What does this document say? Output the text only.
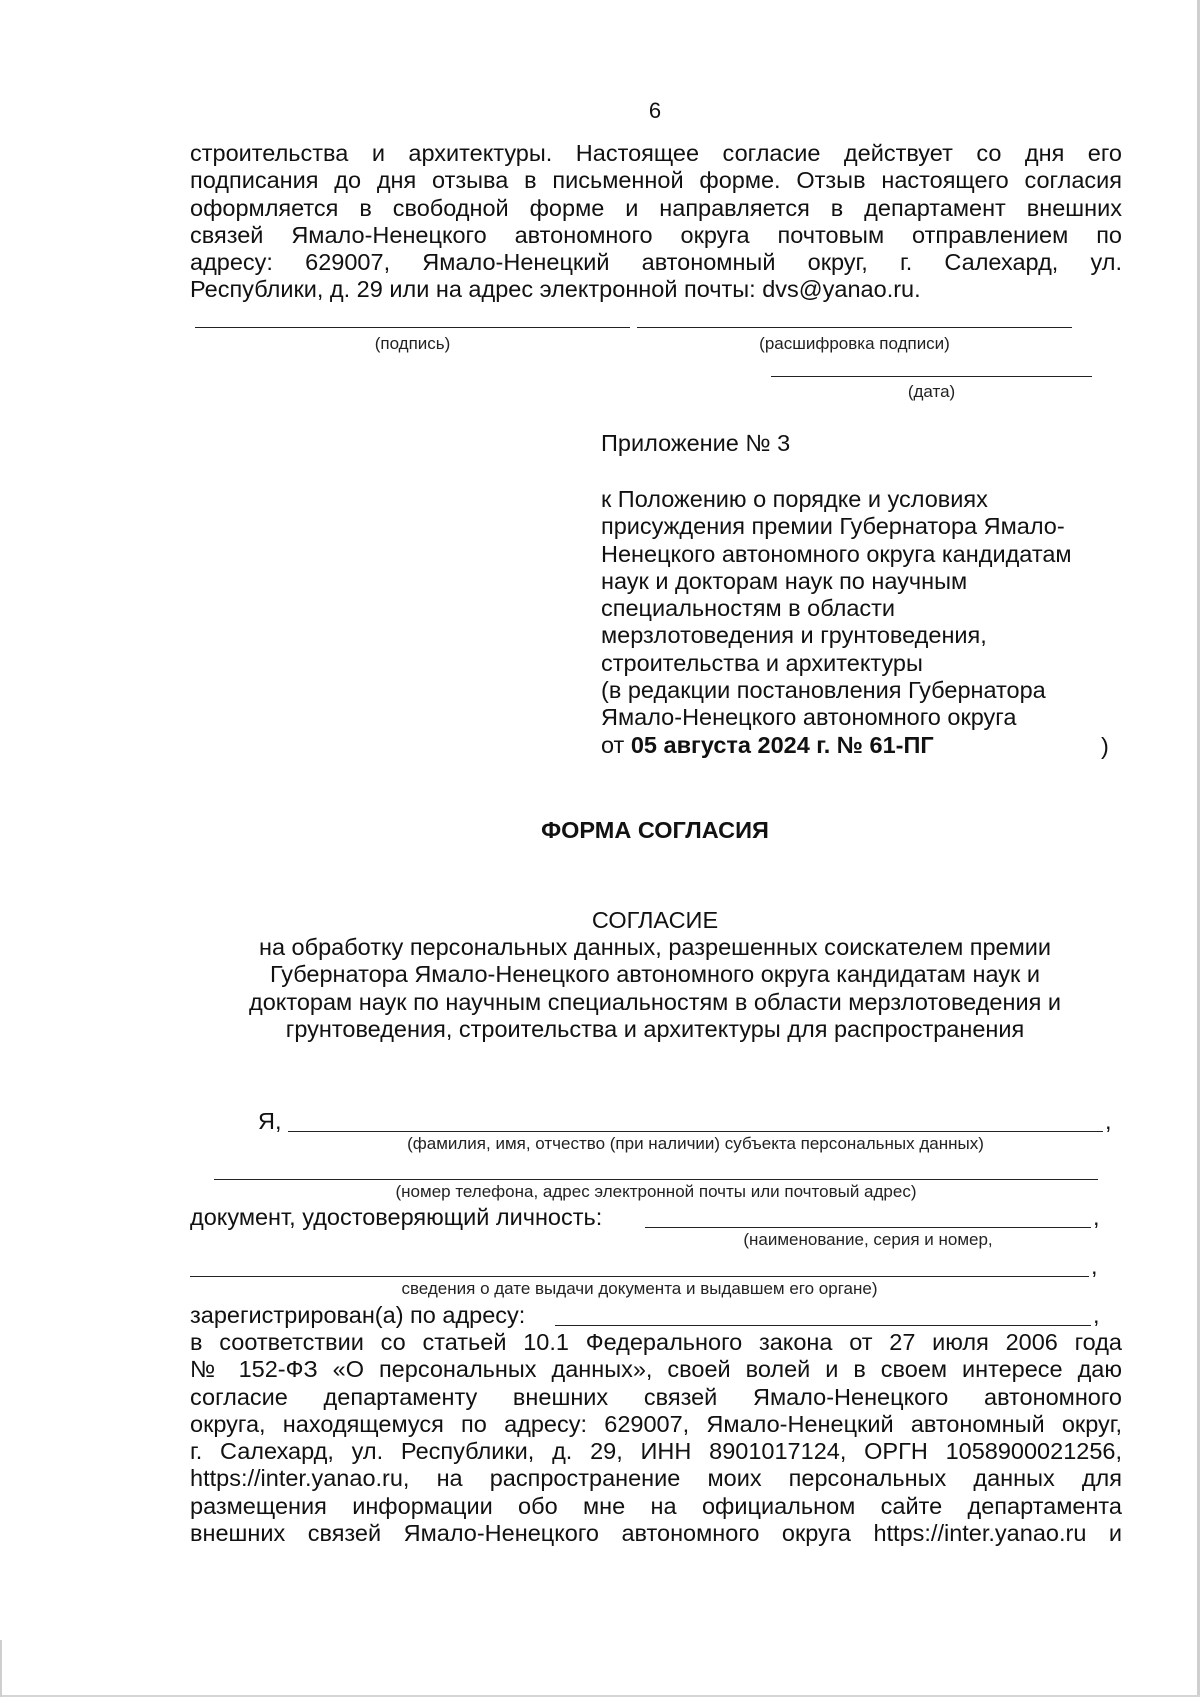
6
строительства и архитектуры. Настоящее согласие действует со дня его
подписания до дня отзыва в письменной форме. Отзыв настоящего согласия
оформляется в свободной форме и направляется в департамент внешних
связей Ямало-Ненецкого автономного округа почтовым отправлением по
адресу: 629007, Ямало-Ненецкий автономный округ, г. Салехард, ул.
Республики, д. 29 или на адрес электронной почты: dvs@yanao.ru.
(подпись)	(расшифровка подписи)
(дата)
Приложение № 3
к Положению о порядке и условиях
присуждения премии Губернатора Ямало-
Ненецкого автономного округа кандидатам
наук и докторам наук по научным
специальностям в области
мерзлотоведения и грунтоведения,
строительства и архитектуры
(в редакции постановления Губернатора
Ямало-Ненецкого автономного округа
от 05 августа 2024 г. № 61-ПГ	)
ФОРМА СОГЛАСИЯ
СОГЛАСИЕ
на обработку персональных данных, разрешенных соискателем премии
Губернатора Ямало-Ненецкого автономного округа кандидатам наук и
докторам наук по научным специальностям в области мерзлотоведения и
грунтоведения, строительства и архитектуры для распространения
Я,	,
(фамилия, имя, отчество (при наличии) субъекта персональных данных)
(номер телефона, адрес электронной почты или почтовый адрес)
документ, удостоверяющий личность:	,
(наименование, серия и номер,
,
сведения о дате выдачи документа и выдавшем его органе)
зарегистрирован(а) по адресу:	,
в соответствии со статьей 10.1 Федерального закона от 27 июля 2006 года
№ 152-ФЗ «О персональных данных», своей волей и в своем интересе даю
согласие департаменту внешних связей Ямало-Ненецкого автономного
округа, находящемуся по адресу: 629007, Ямало-Ненецкий автономный округ,
г. Салехард, ул. Республики, д. 29, ИНН 8901017124, ОРГН 1058900021256,
https://inter.yanao.ru, на распространение моих персональных данных для
размещения информации обо мне на официальном сайте департамента
внешних связей Ямало-Ненецкого автономного округа https://inter.yanao.ru и
